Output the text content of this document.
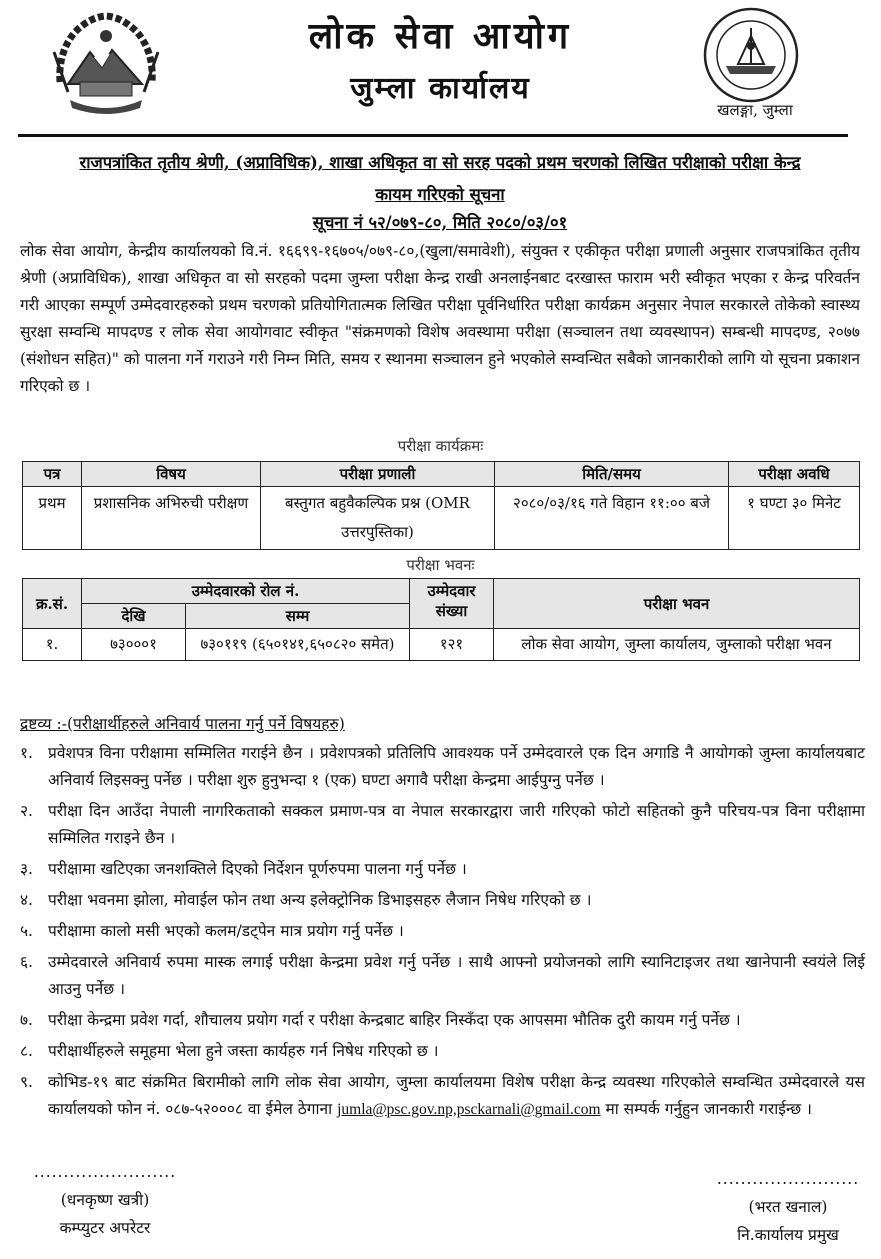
लोक सेवा आयोग
जुम्ला कार्यालय
खलङ्गा, जुम्ला
राजपत्रांकित तृतीय श्रेणी, (अप्राविधिक), शाखा अधिकृत वा सो सरह पदको प्रथम चरणको लिखित परीक्षाको परीक्षा केन्द्र
कायम गरिएको सूचना
सूचना नं ५२/०७९-८०, मिति २०८०/०३/०१
लोक सेवा आयोग, केन्द्रीय कार्यालयको वि.नं. १६६९९-१६७०५/०७९-८०,(खुला/समावेशी), संयुक्त र एकीकृत परीक्षा प्रणाली अनुसार राजपत्रांकित तृतीय श्रेणी (अप्राविधिक), शाखा अधिकृत वा सो सरहको पदमा जुम्ला परीक्षा केन्द्र राखी अनलाईनबाट दरखास्त फाराम भरी स्वीकृत भएका र केन्द्र परिवर्तन गरी आएका सम्पूर्ण उम्मेदवारहरुको प्रथम चरणको प्रतियोगितात्मक लिखित परीक्षा पूर्वनिर्धारित परीक्षा कार्यक्रम अनुसार नेपाल सरकारले तोकेको स्वास्थ्य सुरक्षा सम्वन्धि मापदण्ड र लोक सेवा आयोगवाट स्वीकृत "संक्रमणको विशेष अवस्थामा परीक्षा (सञ्चालन तथा व्यवस्थापन) सम्बन्धी मापदण्ड, २०७७ (संशोधन सहित)" को पालना गर्ने गराउने गरी निम्न मिति, समय र स्थानमा सञ्चालन हुने भएकोले सम्वन्धित सबैको जानकारीको लागि यो सूचना प्रकाशन गरिएको छ ।
परीक्षा कार्यक्रमः
पत्र	विषय	परीक्षा प्रणाली	मिति/समय	परीक्षा अवधि
प्रथम	प्रशासनिक अभिरुची परीक्षण	बस्तुगत बहुवैकल्पिक प्रश्न (OMR उत्तरपुस्तिका)	२०८०/०३/१६ गते विहान ११:०० बजे	१ घण्टा ३० मिनेट
परीक्षा भवनः
क्र.सं.	उम्मेदवारको रोल नं.		उम्मेदवार संख्या	परीक्षा भवन
	देखि	सम्म		
१.	७३०००१	७३०११९ (६५०१४१,६५०८२० समेत)	१२१	लोक सेवा आयोग, जुम्ला कार्यालय, जुम्लाको परीक्षा भवन
द्रष्टव्य :-(परीक्षार्थीहरुले अनिवार्य पालना गर्नु पर्ने विषयहरु)
१. प्रवेशपत्र विना परीक्षामा सम्मिलित गराईने छैन । प्रवेशपत्रको प्रतिलिपि आवश्यक पर्ने उम्मेदवारले एक दिन अगाडि नै आयोगको जुम्ला कार्यालयबाट अनिवार्य लिइसक्नु पर्नेछ । परीक्षा शुरु हुनुभन्दा १ (एक) घण्टा अगावै परीक्षा केन्द्रमा आईपुग्नु पर्नेछ ।
२. परीक्षा दिन आउँदा नेपाली नागरिकताको सक्कल प्रमाण-पत्र वा नेपाल सरकारद्वारा जारी गरिएको फोटो सहितको कुनै परिचय-पत्र विना परीक्षामा सम्मिलित गराइने छैन ।
३. परीक्षामा खटिएका जनशक्तिले दिएको निर्देशन पूर्णरुपमा पालना गर्नु पर्नेछ ।
४. परीक्षा भवनमा झोला, मोवाईल फोन तथा अन्य इलेक्ट्रोनिक डिभाइसहरु लैजान निषेध गरिएको छ ।
५. परीक्षामा कालो मसी भएको कलम/डट्पेन मात्र प्रयोग गर्नु पर्नेछ ।
६. उम्मेदवारले अनिवार्य रुपमा मास्क लगाई परीक्षा केन्द्रमा प्रवेश गर्नु पर्नेछ । साथै आफ्नो प्रयोजनको लागि स्यानिटाइजर तथा खानेपानी स्वयंले लिई आउनु पर्नेछ ।
७. परीक्षा केन्द्रमा प्रवेश गर्दा, शौचालय प्रयोग गर्दा र परीक्षा केन्द्रबाट बाहिर निस्कँदा एक आपसमा भौतिक दुरी कायम गर्नु पर्नेछ ।
८. परीक्षार्थीहरुले समूहमा भेला हुने जस्ता कार्यहरु गर्न निषेध गरिएको छ ।
९. कोभिड-१९ बाट संक्रमित बिरामीको लागि लोक सेवा आयोग, जुम्ला कार्यालयमा विशेष परीक्षा केन्द्र व्यवस्था गरिएकोले सम्वन्धित उम्मेदवारले यस कार्यालयको फोन नं. ०८७-५२०००८ वा ईमेल ठेगाना jumla@psc.gov.np,psckarnali@gmail.com मा सम्पर्क गर्नुहुन जानकारी गराईन्छ ।
........................
(धनकृष्ण खत्री)
कम्प्युटर अपरेटर
........................
(भरत खनाल)
नि.कार्यालय प्रमुख
